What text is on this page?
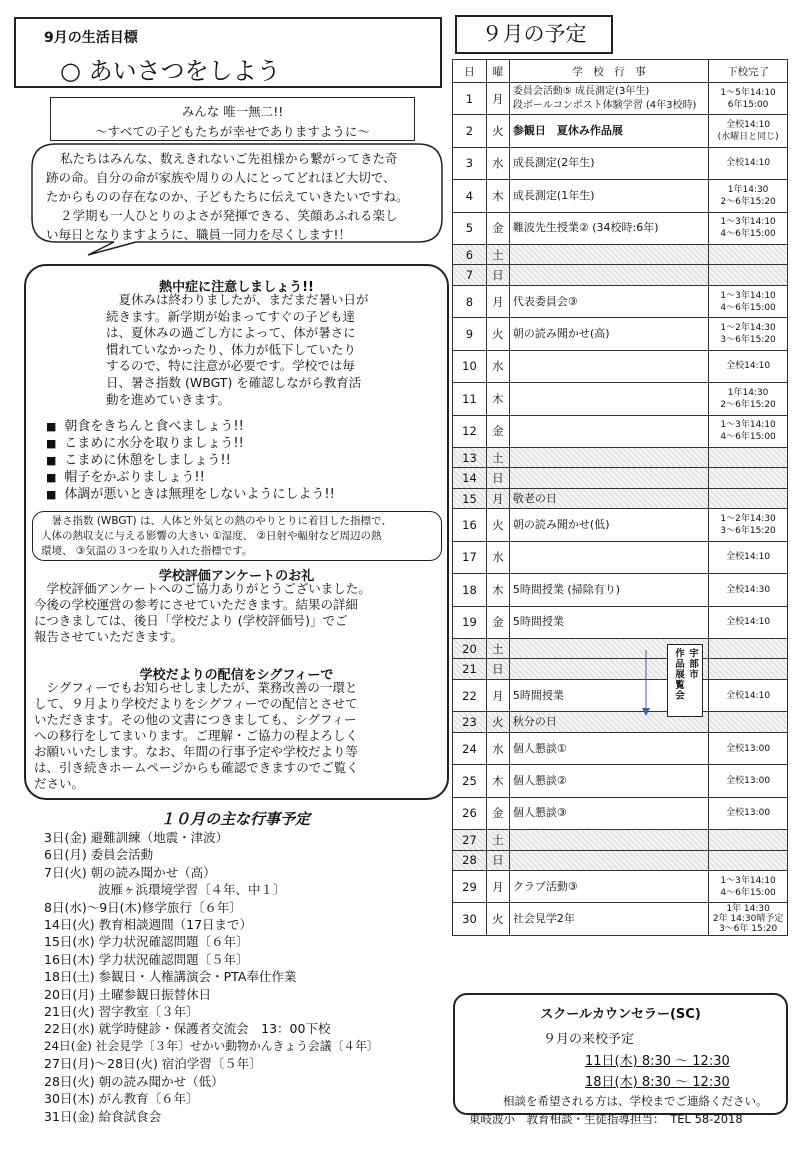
9月の生活目標
○ あいさつをしよう
みんな 唯一無二!!
～すべての子どもたちが幸せでありますように～
私たちはみんな、数えきれないご先祖様から繋がってきた奇
跡の命。自分の命が家族や周りの人にとってどれほど大切で、
たからものの存在なのか、子どもたちに伝えていきたいですね。
２学期も一人ひとりのよさが発揮できる、笑顔あふれる楽し
い毎日となりますように、職員一同力を尽くします!！
熱中症に注意しましょう!!
夏休みは終わりましたが、まだまだ暑い日が
続きます。新学期が始まってすぐの子ども達
は、夏休みの過ごし方によって、体が暑さに
慣れていなかったり、体力が低下していたり
するので、特に注意が必要です。学校では毎
日、暑さ指数 (WBGT) を確認しながら教育活
動を進めていきます。
■ 朝食をきちんと食べましょう!!
■ こまめに水分を取りましょう!!
■ こまめに休憩をしましょう!!
■ 帽子をかぶりましょう!!
■ 体調が悪いときは無理をしないようにしよう!!
暑さ指数 (WBGT) は、人体と外気との熱のやりとりに着目した指標で、
人体の熱収支に与える影響の大きい ①湿度、 ②日射や輻射など周辺の熱
環境、 ③気温の３つを取り入れた指標です。
学校評価アンケートのお礼
学校評価アンケートへのご協力ありがとうございました。
今後の学校運営の参考にさせていただきます。結果の詳細
につきましては、後日「学校だより (学校評価号)」でご
報告させていただきます。
学校だよりの配信をシグフィーで
シグフィーでもお知らせしましたが、業務改善の一環と
して、９月より学校だよりをシグフィーでの配信とさせて
いただきます。その他の文書につきましても、シグフィー
への移行をしてまいります。ご理解・ご協力の程よろしく
お願いいたします。なお、年間の行事予定や学校だより等
は、引き続きホームページからも確認できますのでご覧く
ださい。
１０月の主な行事予定
3日(金) 避難訓練（地震・津波）
6日(月) 委員会活動
7日(火) 朝の読み聞かせ（高）
　　　　 波雁ヶ浜環境学習〔４年、中１〕
8日(水)～9日(木)修学旅行〔６年〕
14日(火) 教育相談週間（17日まで）
15日(水) 学力状況確認問題〔６年〕
16日(木) 学力状況確認問題〔５年〕
18日(土) 参観日・人権講演会・PTA奉仕作業
20日(月) 土曜参観日振替休日
21日(火) 習字教室〔３年〕
22日(水) 就学時健診・保護者交流会　13：00下校
24日(金) 社会見学〔３年〕せかい動物かんきょう会議〔４年〕
27日(月)～28日(火) 宿泊学習〔５年〕
28日(火) 朝の読み聞かせ（低）
30日(木) がん教育〔６年〕
31日(金) 給食試食会
９月の予定
日	曜	学　校　行　事	下校完了
1	月	委員会活動⑤ 成長測定(3年生)
段ボールコンポスト体験学習 (4年3校時)	1～5年14:10
6年15:00

2	火	参観日　夏休み作品展	全校14:10
(水曜日と同じ)

3	水	成長測定(2年生)	全校14:10

4	木	成長測定(1年生)	1年14:30
2～6年15:20

5	金	難波先生授業② (34校時:6年)	1～3年14:10
4～6年15:00

6	土		
7	日		
8	月	代表委員会③	1～3年14:10
4～6年15:00

9	火	朝の読み聞かせ(高)	1～2年14:30
3～6年15:20

10	水		全校14:10

11	木		1年14:30
2～6年15:20

12	金		1～3年14:10
4～6年15:00

13	土		
14	日		
15	月	敬老の日	

16	火	朝の読み聞かせ(低)	1～2年14:30
3～6年15:20

17	水		全校14:10

18	木	5時間授業 (掃除有り)	全校14:30

19	金	5時間授業	全校14:10

20	土		
21	日		
22	月	5時間授業	全校14:10

23	火	秋分の日	

24	水	個人懇談①	全校13:00

25	木	個人懇談②	全校13:00

26	金	個人懇談③	全校13:00

27	土		
28	日		
29	月	クラブ活動③	1～3年14:10
4～6年15:00

30	火	社会見学2年	1年 14:30
2年 14:30晴予定
3～6年 15:20
作品展覧会 宇部市
スクールカウンセラー(SC)
９月の来校予定
11日(木) 8:30 ～ 12:30
18日(木) 8:30 ～ 12:30
相談を希望される方は、学校までご連絡ください。
東岐波小　教育相談・生徒指導担当：　TEL 58-2018
